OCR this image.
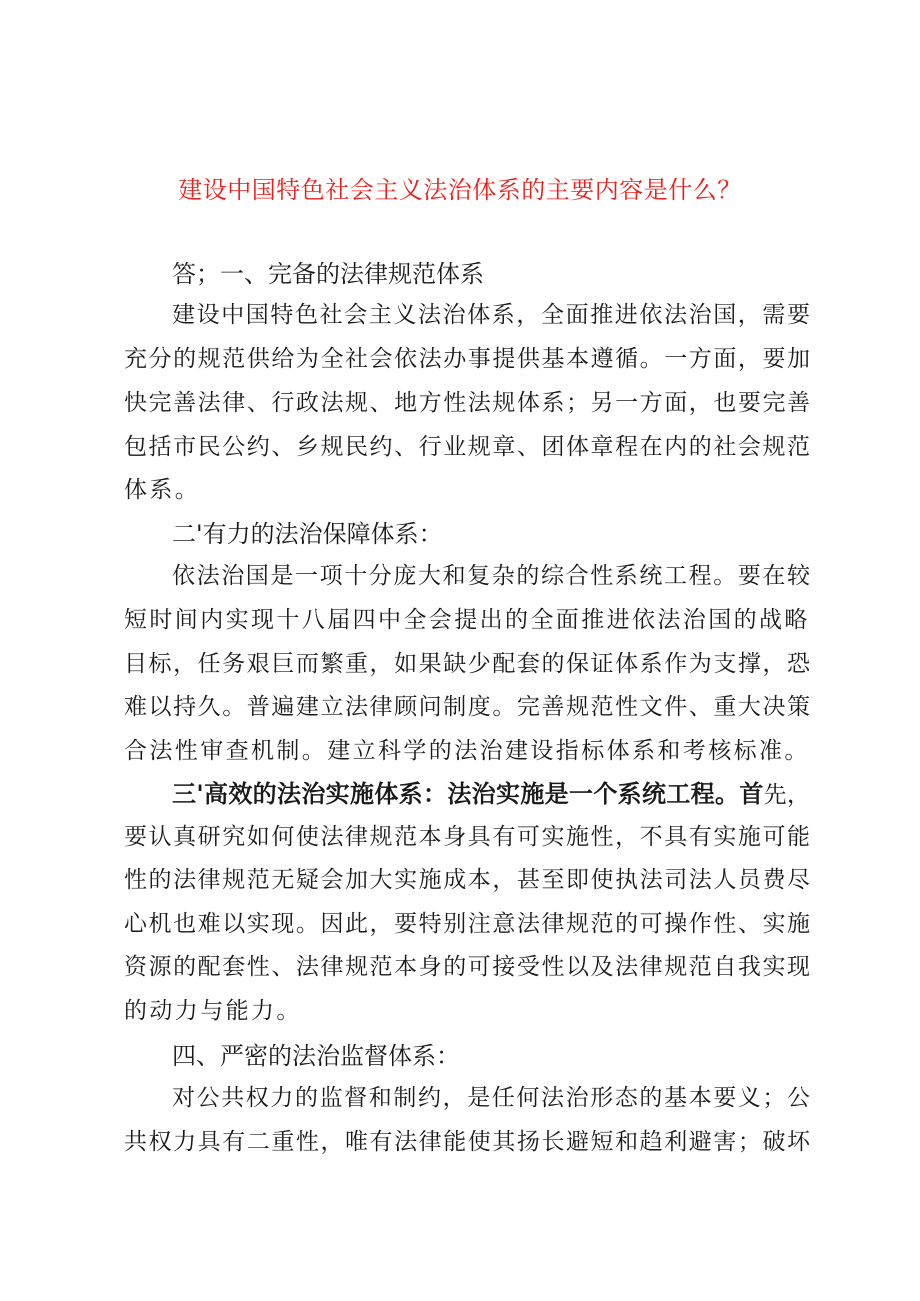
建设中国特色社会主义法治体系的主要内容是什么？
答；一、完备的法律规范体系
建设中国特色社会主义法治体系，全面推进依法治国，需要
充分的规范供给为全社会依法办事提供基本遵循。一方面，要加
快完善法律、行政法规、地方性法规体系；另一方面，也要完善
包括市民公约、乡规民约、行业规章、团体章程在内的社会规范
体系。
二'有力的法治保障体系：
依法治国是一项十分庞大和复杂的综合性系统工程。要在较
短时间内实现十八届四中全会提出的全面推进依法治国的战略
目标，任务艰巨而繁重，如果缺少配套的保证体系作为支撑，恐
难以持久。普遍建立法律顾问制度。完善规范性文件、重大决策
合法性审查机制。建立科学的法治建设指标体系和考核标准。
三'高效的法治实施体系：法治实施是一个系统工程。首先，
要认真研究如何使法律规范本身具有可实施性，不具有实施可能
性的法律规范无疑会加大实施成本，甚至即使执法司法人员费尽
心机也难以实现。因此，要特别注意法律规范的可操作性、实施
资源的配套性、法律规范本身的可接受性以及法律规范自我实现
的动力与能力。
四、严密的法治监督体系：
对公共权力的监督和制约，是任何法治形态的基本要义；公
共权力具有二重性，唯有法律能使其扬长避短和趋利避害；破坏
